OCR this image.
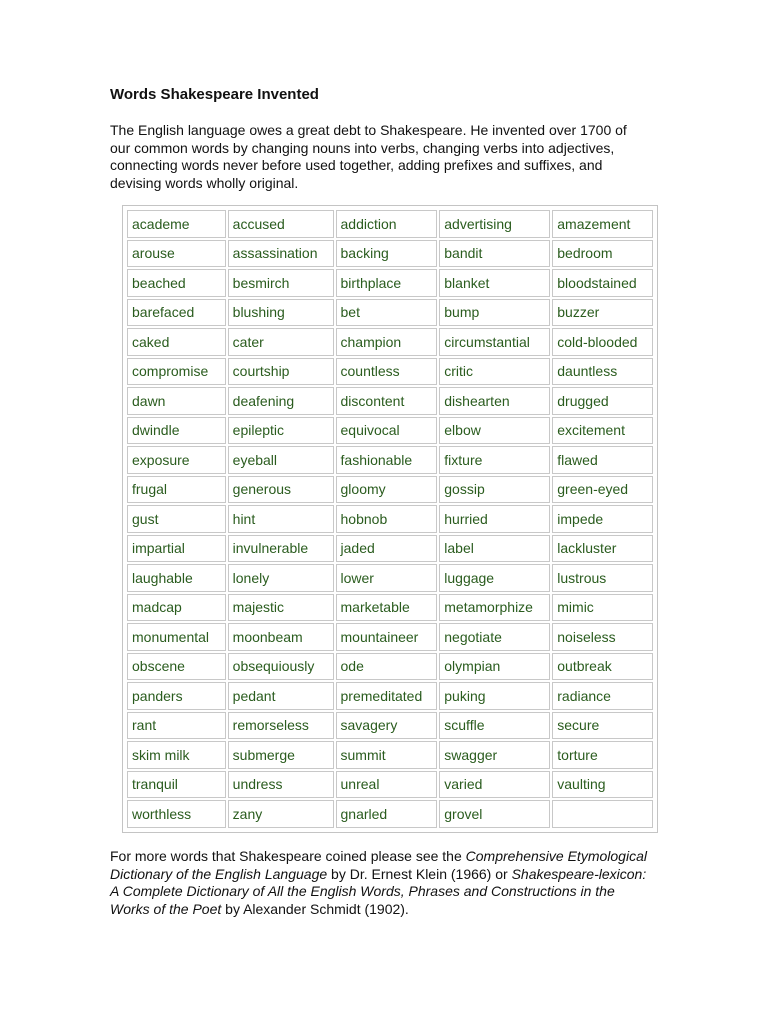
Words Shakespeare Invented
The English language owes a great debt to Shakespeare. He invented over 1700 of our common words by changing nouns into verbs, changing verbs into adjectives, connecting words never before used together, adding prefixes and suffixes, and devising words wholly original.
academe	accused	addiction	advertising	amazement
arouse	assassination	backing	bandit	bedroom
beached	besmirch	birthplace	blanket	bloodstained
barefaced	blushing	bet	bump	buzzer
caked	cater	champion	circumstantial	cold-blooded
compromise	courtship	countless	critic	dauntless
dawn	deafening	discontent	dishearten	drugged
dwindle	epileptic	equivocal	elbow	excitement
exposure	eyeball	fashionable	fixture	flawed
frugal	generous	gloomy	gossip	green-eyed
gust	hint	hobnob	hurried	impede
impartial	invulnerable	jaded	label	lackluster
laughable	lonely	lower	luggage	lustrous
madcap	majestic	marketable	metamorphize	mimic
monumental	moonbeam	mountaineer	negotiate	noiseless
obscene	obsequiously	ode	olympian	outbreak
panders	pedant	premeditated	puking	radiance
rant	remorseless	savagery	scuffle	secure
skim milk	submerge	summit	swagger	torture
tranquil	undress	unreal	varied	vaulting
worthless	zany	gnarled	grovel	
For more words that Shakespeare coined please see the Comprehensive Etymological Dictionary of the English Language by Dr. Ernest Klein (1966) or Shakespeare-lexicon: A Complete Dictionary of All the English Words, Phrases and Constructions in the Works of the Poet by Alexander Schmidt (1902).
